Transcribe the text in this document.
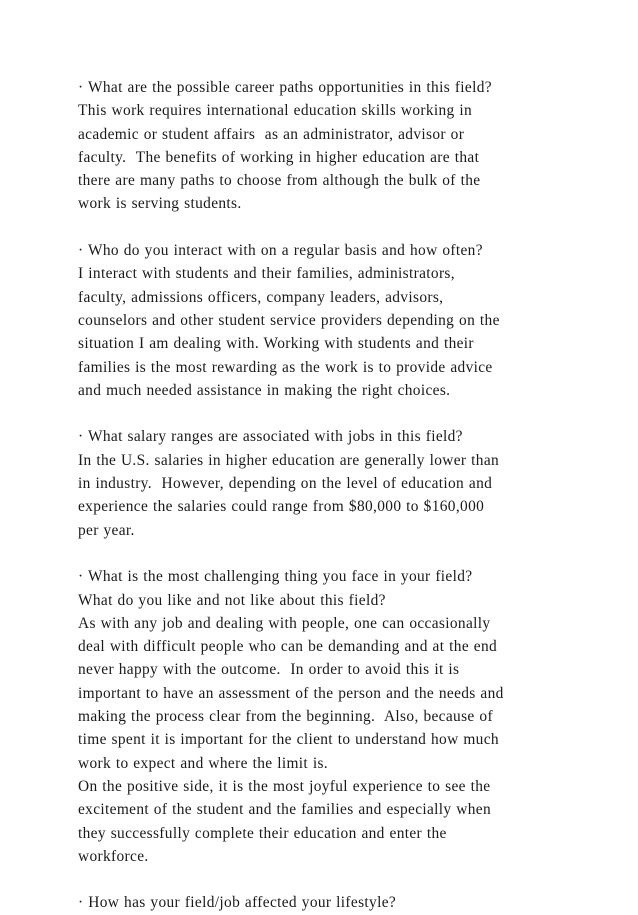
· What are the possible career paths opportunities in this field?
This work requires international education skills working in
academic or student affairs  as an administrator, advisor or
faculty.  The benefits of working in higher education are that
there are many paths to choose from although the bulk of the
work is serving students.
· Who do you interact with on a regular basis and how often?
I interact with students and their families, administrators,
faculty, admissions officers, company leaders, advisors,
counselors and other student service providers depending on the
situation I am dealing with. Working with students and their
families is the most rewarding as the work is to provide advice
and much needed assistance in making the right choices.
· What salary ranges are associated with jobs in this field?
In the U.S. salaries in higher education are generally lower than
in industry.  However, depending on the level of education and
experience the salaries could range from $80,000 to $160,000
per year.
· What is the most challenging thing you face in your field?
What do you like and not like about this field?
As with any job and dealing with people, one can occasionally
deal with difficult people who can be demanding and at the end
never happy with the outcome.  In order to avoid this it is
important to have an assessment of the person and the needs and
making the process clear from the beginning.  Also, because of
time spent it is important for the client to understand how much
work to expect and where the limit is.
On the positive side, it is the most joyful experience to see the
excitement of the student and the families and especially when
they successfully complete their education and enter the
workforce.
· How has your field/job affected your lifestyle?
